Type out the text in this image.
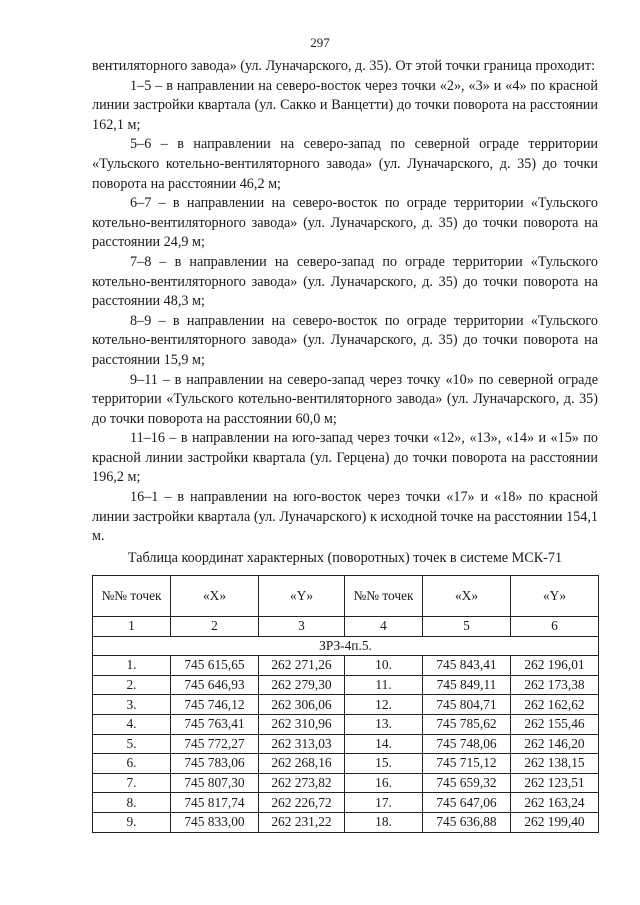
297

вентиляторного завода» (ул. Луначарского, д. 35). От этой точки граница проходит:

1–5 – в направлении на северо-восток через точки «2», «3» и «4» по красной линии застройки квартала (ул. Сакко и Ванцетти) до точки поворота на расстоянии 162,1 м;

5–6 – в направлении на северо-запад по северной ограде территории «Тульского котельно-вентиляторного завода» (ул. Луначарского, д. 35) до точки поворота на расстоянии 46,2 м;

6–7 – в направлении на северо-восток по ограде территории «Тульского котельно-вентиляторного завода» (ул. Луначарского, д. 35) до точки поворота на расстоянии 24,9 м;

7–8 – в направлении на северо-запад по ограде территории «Тульского котельно-вентиляторного завода» (ул. Луначарского, д. 35) до точки поворота на расстоянии 48,3 м;

8–9 – в направлении на северо-восток по ограде территории «Тульского котельно-вентиляторного завода» (ул. Луначарского, д. 35) до точки поворота на расстоянии 15,9 м;

9–11 – в направлении на северо-запад через точку «10» по северной ограде территории «Тульского котельно-вентиляторного завода» (ул. Луначарского, д. 35) до точки поворота на расстоянии 60,0 м;

11–16 – в направлении на юго-запад через точки «12», «13», «14» и «15» по красной линии застройки квартала (ул. Герцена) до точки поворота на расстоянии 196,2 м;

16–1 – в направлении на юго-восток через точки «17» и «18» по красной линии застройки квартала (ул. Луначарского) к исходной точке на расстоянии 154,1 м.

Таблица координат характерных (поворотных) точек в системе МСК-71
№№ точек	«X»	«Y»	№№ точек	«X»	«Y»
1	2	3	4	5	6
ЗРЗ-4п.5.					
1.	745 615,65	262 271,26	10.	745 843,41	262 196,01
2.	745 646,93	262 279,30	11.	745 849,11	262 173,38
3.	745 746,12	262 306,06	12.	745 804,71	262 162,62
4.	745 763,41	262 310,96	13.	745 785,62	262 155,46
5.	745 772,27	262 313,03	14.	745 748,06	262 146,20
6.	745 783,06	262 268,16	15.	745 715,12	262 138,15
7.	745 807,30	262 273,82	16.	745 659,32	262 123,51
8.	745 817,74	262 226,72	17.	745 647,06	262 163,24
9.	745 833,00	262 231,22	18.	745 636,88	262 199,40
